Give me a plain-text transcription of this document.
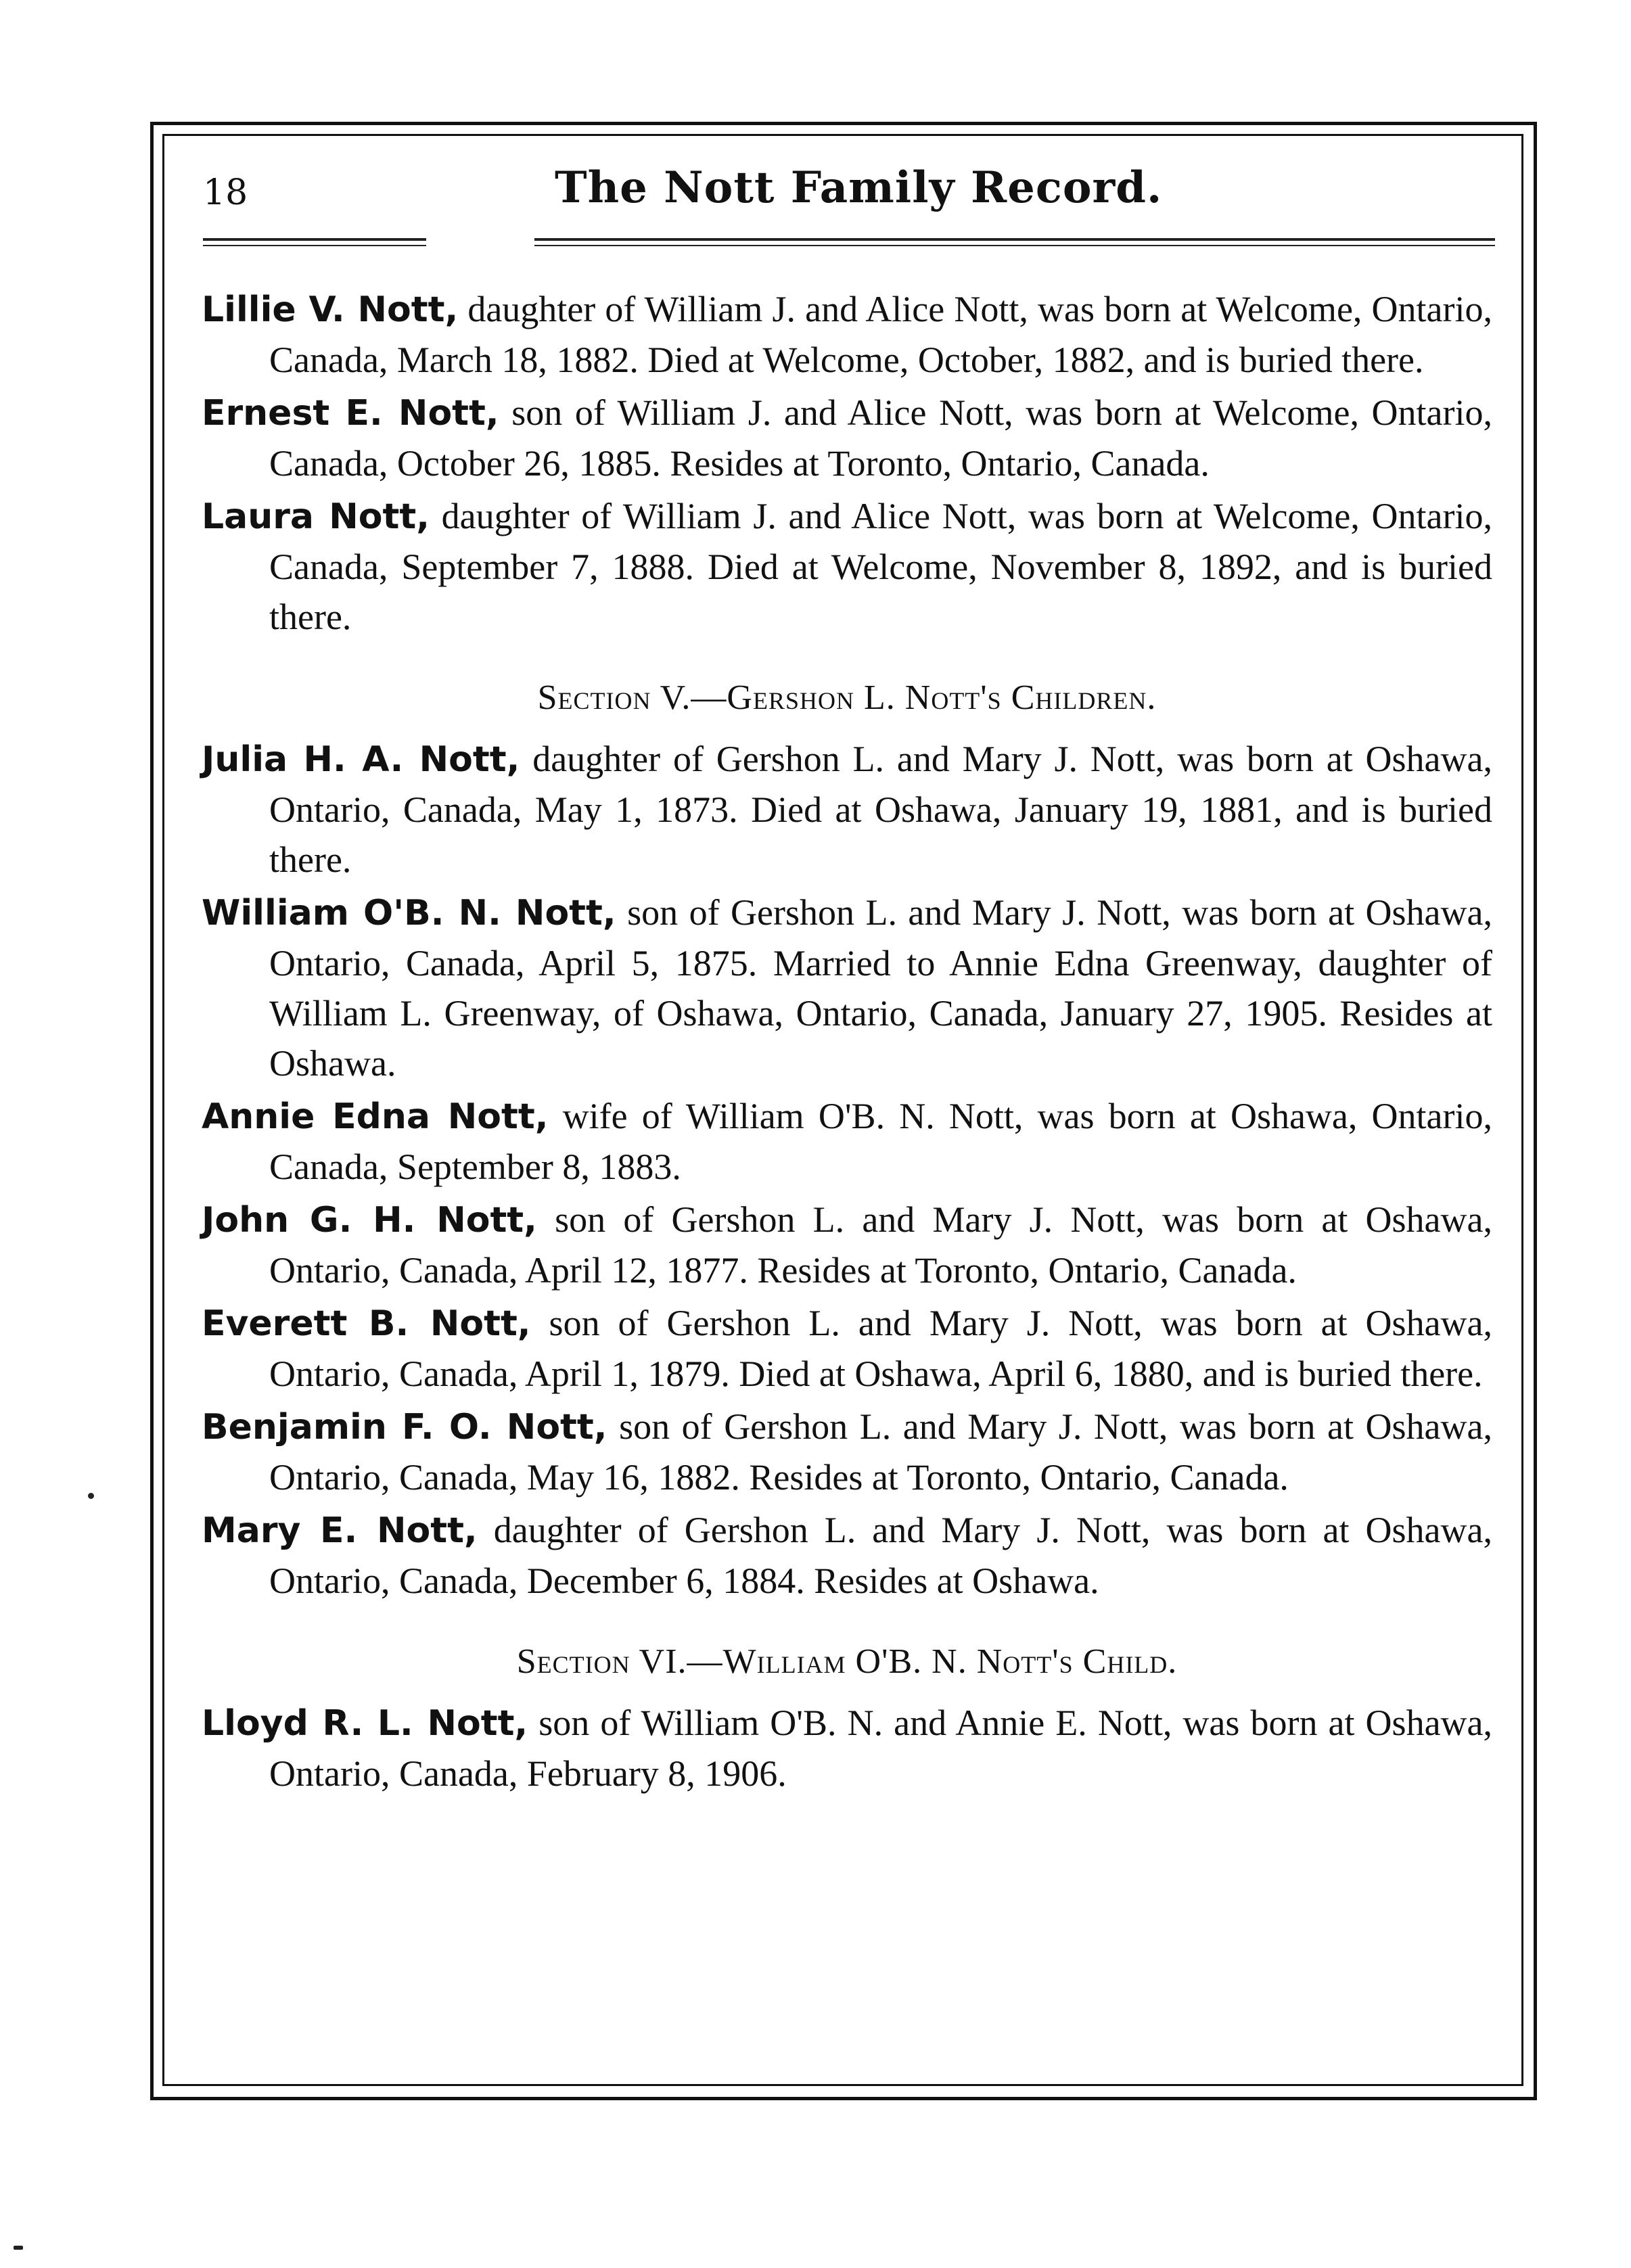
18	The Nott Family Record.

Lillie V. Nott, daughter of William J. and Alice Nott, was born at Welcome, Ontario, Canada, March 18, 1882. Died at Welcome, October, 1882, and is buried there.

Ernest E. Nott, son of William J. and Alice Nott, was born at Welcome, Ontario, Canada, October 26, 1885. Resides at Toronto, Ontario, Canada.

Laura Nott, daughter of William J. and Alice Nott, was born at Welcome, Ontario, Canada, September 7, 1888. Died at Welcome, November 8, 1892, and is buried there.

Section V.—Gershon L. Nott's Children.

Julia H. A. Nott, daughter of Gershon L. and Mary J. Nott, was born at Oshawa, Ontario, Canada, May 1, 1873. Died at Oshawa, January 19, 1881, and is buried there.

William O'B. N. Nott, son of Gershon L. and Mary J. Nott, was born at Oshawa, Ontario, Canada, April 5, 1875. Married to Annie Edna Greenway, daughter of William L. Greenway, of Oshawa, Ontario, Canada, January 27, 1905. Resides at Oshawa.

Annie Edna Nott, wife of William O'B. N. Nott, was born at Oshawa, Ontario, Canada, September 8, 1883.

John G. H. Nott, son of Gershon L. and Mary J. Nott, was born at Oshawa, Ontario, Canada, April 12, 1877. Resides at Toronto, Ontario, Canada.

Everett B. Nott, son of Gershon L. and Mary J. Nott, was born at Oshawa, Ontario, Canada, April 1, 1879. Died at Oshawa, April 6, 1880, and is buried there.

Benjamin F. O. Nott, son of Gershon L. and Mary J. Nott, was born at Oshawa, Ontario, Canada, May 16, 1882. Resides at Toronto, Ontario, Canada.

Mary E. Nott, daughter of Gershon L. and Mary J. Nott, was born at Oshawa, Ontario, Canada, December 6, 1884. Resides at Oshawa.

Section VI.—William O'B. N. Nott's Child.

Lloyd R. L. Nott, son of William O'B. N. and Annie E. Nott, was born at Oshawa, Ontario, Canada, February 8, 1906.
